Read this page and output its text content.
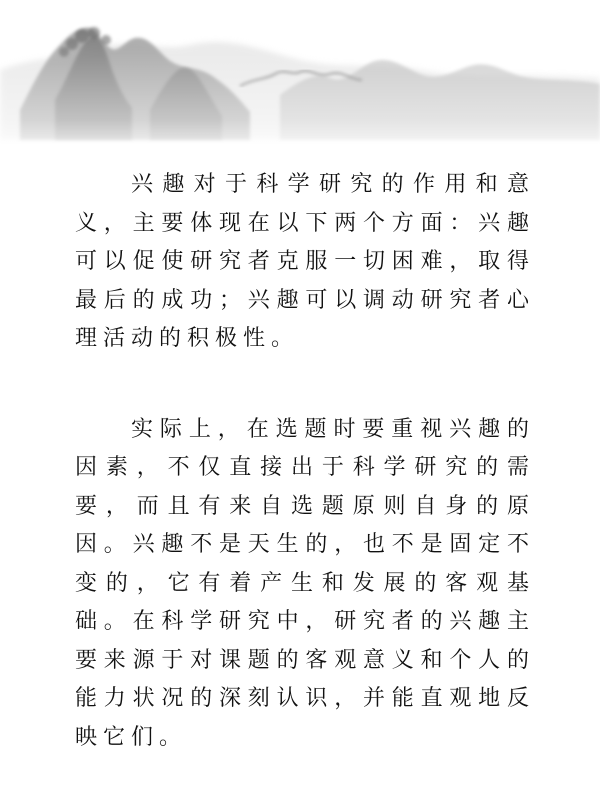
兴趣对于科学研究的作用和意义，主要体现在以下两个方面：兴趣可以促使研究者克服一切困难，取得最后的成功；兴趣可以调动研究者心理活动的积极性。

实际上，在选题时要重视兴趣的因素，不仅直接出于科学研究的需要，而且有来自选题原则自身的原因。兴趣不是天生的，也不是固定不变的，它有着产生和发展的客观基础。在科学研究中，研究者的兴趣主要来源于对课题的客观意义和个人的能力状况的深刻认识，并能直观地反映它们。
